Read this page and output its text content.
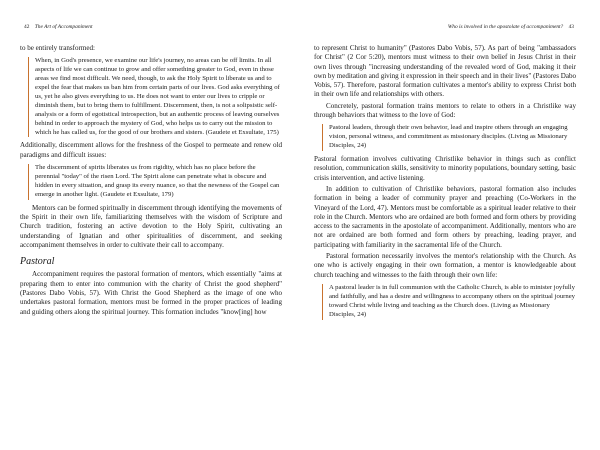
42 The Art of Accompaniment

to be entirely transformed:

When, in God's presence, we examine our life's journey, no areas can be off limits. In all aspects of life we can continue to grow and offer something greater to God, even in those areas we find most difficult. We need, though, to ask the Holy Spirit to liberate us and to expel the fear that makes us ban him from certain parts of our lives. God asks everything of us, yet he also gives everything to us. He does not want to enter our lives to cripple or diminish them, but to bring them to fulfillment. Discernment, then, is not a solipsistic self-analysis or a form of egotistical introspection, but an authentic process of leaving ourselves behind in order to approach the mystery of God, who helps us to carry out the mission to which he has called us, for the good of our brothers and sisters. (Gaudete et Exsultate, 175)

Additionally, discernment allows for the freshness of the Gospel to permeate and renew old paradigms and difficult issues:

The discernment of spirits liberates us from rigidity, which has no place before the perennial "today" of the risen Lord. The Spirit alone can penetrate what is obscure and hidden in every situation, and grasp its every nuance, so that the newness of the Gospel can emerge in another light. (Gaudete et Exsultate, 179)

Mentors can be formed spiritually in discernment through identifying the movements of the Spirit in their own life, familiarizing themselves with the wisdom of Scripture and Church tradition, fostering an active devotion to the Holy Spirit, cultivating an understanding of Ignatian and other spiritualities of discernment, and seeking accompaniment themselves in order to cultivate their call to accompany.

Pastoral

Accompaniment requires the pastoral formation of mentors, which essentially "aims at preparing them to enter into communion with the charity of Christ the good shepherd" (Pastores Dabo Vobis, 57). With Christ the Good Shepherd as the image of one who undertakes pastoral formation, mentors must be formed in the proper practices of leading and guiding others along the spiritual journey. This formation includes "know[ing] how

Who is involved in the apostolate of accompaniment? 43

to represent Christ to humanity" (Pastores Dabo Vobis, 57). As part of being "ambassadors for Christ" (2 Cor 5:20), mentors must witness to their own belief in Jesus Christ in their own lives through "increasing understanding of the revealed word of God, making it their own by meditation and giving it expression in their speech and in their lives" (Pastores Dabo Vobis, 57). Therefore, pastoral formation cultivates a mentor's ability to express Christ both in their own life and relationships with others.

Concretely, pastoral formation trains mentors to relate to others in a Christlike way through behaviors that witness to the love of God:

Pastoral leaders, through their own behavior, lead and inspire others through an engaging vision, personal witness, and commitment as missionary disciples. (Living as Missionary Disciples, 24)

Pastoral formation involves cultivating Christlike behavior in things such as conflict resolution, communication skills, sensitivity to minority populations, boundary setting, basic crisis intervention, and active listening.

In addition to cultivation of Christlike behaviors, pastoral formation also includes formation in being a leader of community prayer and preaching (Co-Workers in the Vineyard of the Lord, 47). Mentors must be comfortable as a spiritual leader relative to their role in the Church. Mentors who are ordained are both formed and form others by providing access to the sacraments in the apostolate of accompaniment. Additionally, mentors who are not are ordained are both formed and form others by preaching, leading prayer, and participating with familiarity in the sacramental life of the Church.

Pastoral formation necessarily involves the mentor's relationship with the Church. As one who is actively engaging in their own formation, a mentor is knowledgeable about church teaching and witnesses to the faith through their own life:

A pastoral leader is in full communion with the Catholic Church, is able to minister joyfully and faithfully, and has a desire and willingness to accompany others on the spiritual journey toward Christ while living and teaching as the Church does. (Living as Missionary Disciples, 24)
